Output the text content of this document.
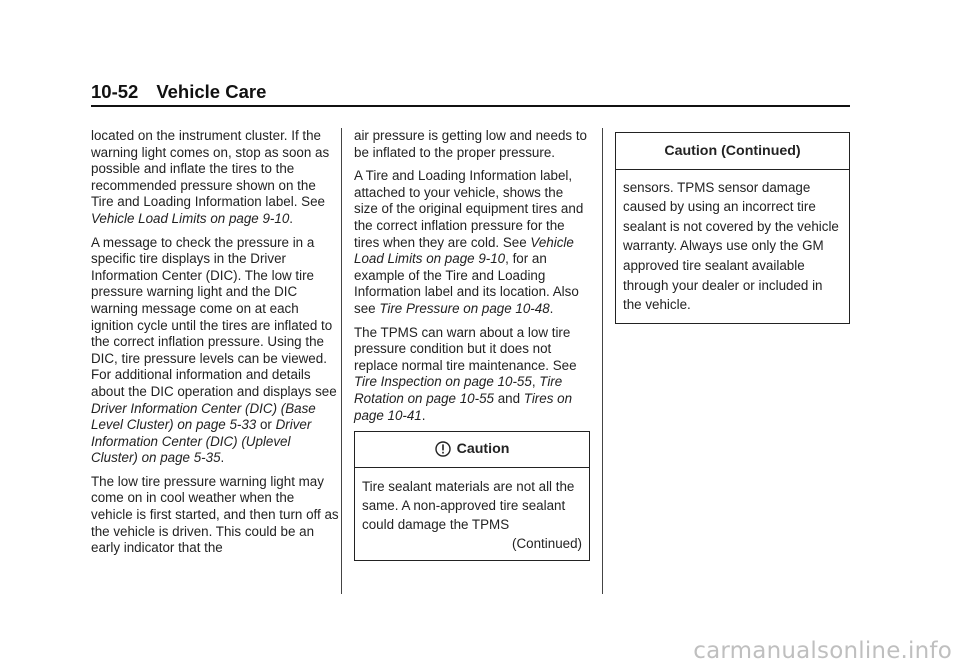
10-52 Vehicle Care

located on the instrument cluster. If the warning light comes on, stop as soon as possible and inflate the tires to the recommended pressure shown on the Tire and Loading Information label. See Vehicle Load Limits on page 9-10.

A message to check the pressure in a specific tire displays in the Driver Information Center (DIC). The low tire pressure warning light and the DIC warning message come on at each ignition cycle until the tires are inflated to the correct inflation pressure. Using the DIC, tire pressure levels can be viewed. For additional information and details about the DIC operation and displays see Driver Information Center (DIC) (Base Level Cluster) on page 5-33 or Driver Information Center (DIC) (Uplevel Cluster) on page 5-35.

The low tire pressure warning light may come on in cool weather when the vehicle is first started, and then turn off as the vehicle is driven. This could be an early indicator that the

air pressure is getting low and needs to be inflated to the proper pressure.

A Tire and Loading Information label, attached to your vehicle, shows the size of the original equipment tires and the correct inflation pressure for the tires when they are cold. See Vehicle Load Limits on page 9-10, for an example of the Tire and Loading Information label and its location. Also see Tire Pressure on page 10-48.

The TPMS can warn about a low tire pressure condition but it does not replace normal tire maintenance. See Tire Inspection on page 10-55, Tire Rotation on page 10-55 and Tires on page 10-41.

Caution
Tire sealant materials are not all the same. A non-approved tire sealant could damage the TPMS
(Continued)
Caution (Continued)
sensors. TPMS sensor damage caused by using an incorrect tire sealant is not covered by the vehicle warranty. Always use only the GM approved tire sealant available through your dealer or included in the vehicle.
carmanualsonline.info
